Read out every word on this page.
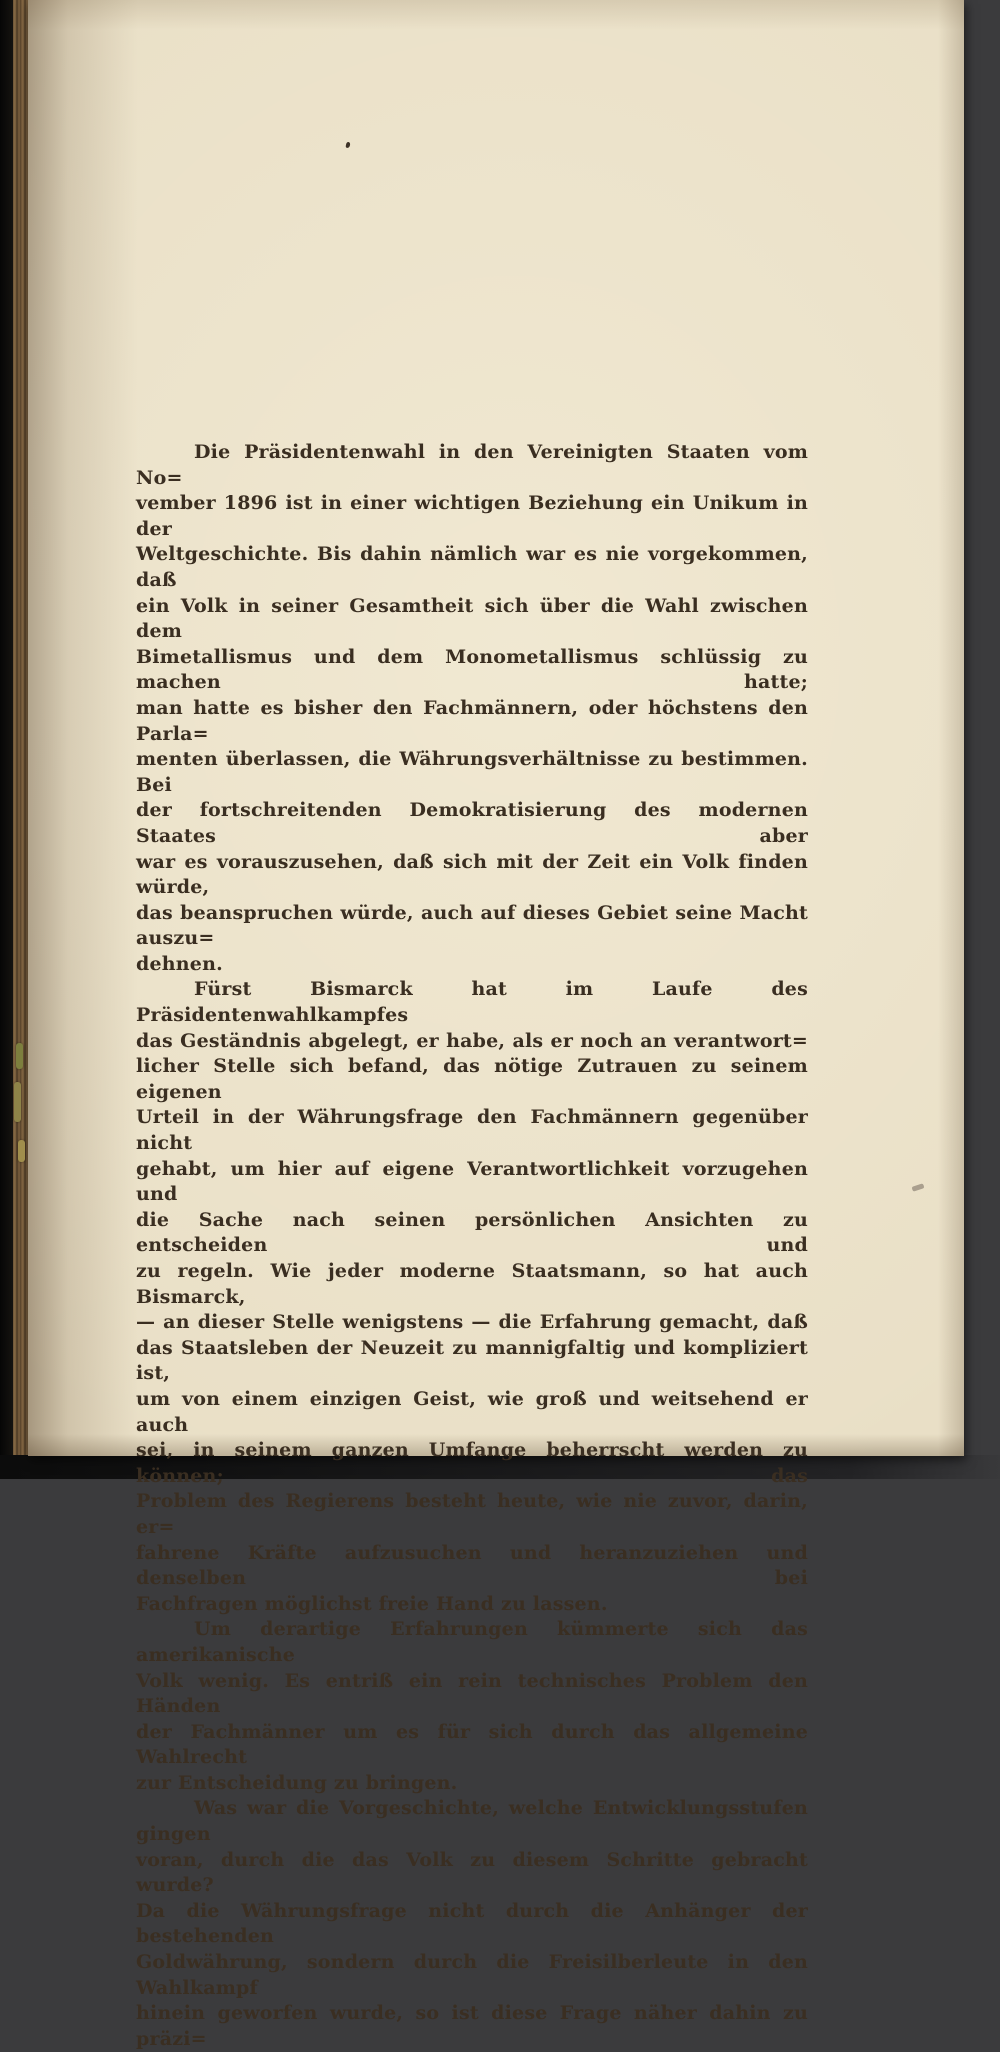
Die Präsidentenwahl in den Vereinigten Staaten vom No=
vember 1896 ist in einer wichtigen Beziehung ein Unikum in der
Weltgeschichte. Bis dahin nämlich war es nie vorgekommen, daß
ein Volk in seiner Gesamtheit sich über die Wahl zwischen dem
Bimetallismus und dem Monometallismus schlüssig zu machen hatte;
man hatte es bisher den Fachmännern, oder höchstens den Parla=
menten überlassen, die Währungsverhältnisse zu bestimmen. Bei
der fortschreitenden Demokratisierung des modernen Staates aber
war es vorauszusehen, daß sich mit der Zeit ein Volk finden würde,
das beanspruchen würde, auch auf dieses Gebiet seine Macht auszu=
dehnen.
Fürst Bismarck hat im Laufe des Präsidentenwahlkampfes
das Geständnis abgelegt, er habe, als er noch an verantwort=
licher Stelle sich befand, das nötige Zutrauen zu seinem eigenen
Urteil in der Währungsfrage den Fachmännern gegenüber nicht
gehabt, um hier auf eigene Verantwortlichkeit vorzugehen und
die Sache nach seinen persönlichen Ansichten zu entscheiden und
zu regeln. Wie jeder moderne Staatsmann, so hat auch Bismarck,
— an dieser Stelle wenigstens — die Erfahrung gemacht, daß
das Staatsleben der Neuzeit zu mannigfaltig und kompliziert ist,
um von einem einzigen Geist, wie groß und weitsehend er auch
sei, in seinem ganzen Umfange beherrscht werden zu können; das
Problem des Regierens besteht heute, wie nie zuvor, darin, er=
fahrene Kräfte aufzusuchen und heranzuziehen und denselben bei
Fachfragen möglichst freie Hand zu lassen.
Um derartige Erfahrungen kümmerte sich das amerikanische
Volk wenig. Es entriß ein rein technisches Problem den Händen
der Fachmänner um es für sich durch das allgemeine Wahlrecht
zur Entscheidung zu bringen.
Was war die Vorgeschichte, welche Entwicklungsstufen gingen
voran, durch die das Volk zu diesem Schritte gebracht wurde?
Da die Währungsfrage nicht durch die Anhänger der bestehenden
Goldwährung, sondern durch die Freisilberleute in den Wahlkampf
hinein geworfen wurde, so ist diese Frage näher dahin zu präzi=
